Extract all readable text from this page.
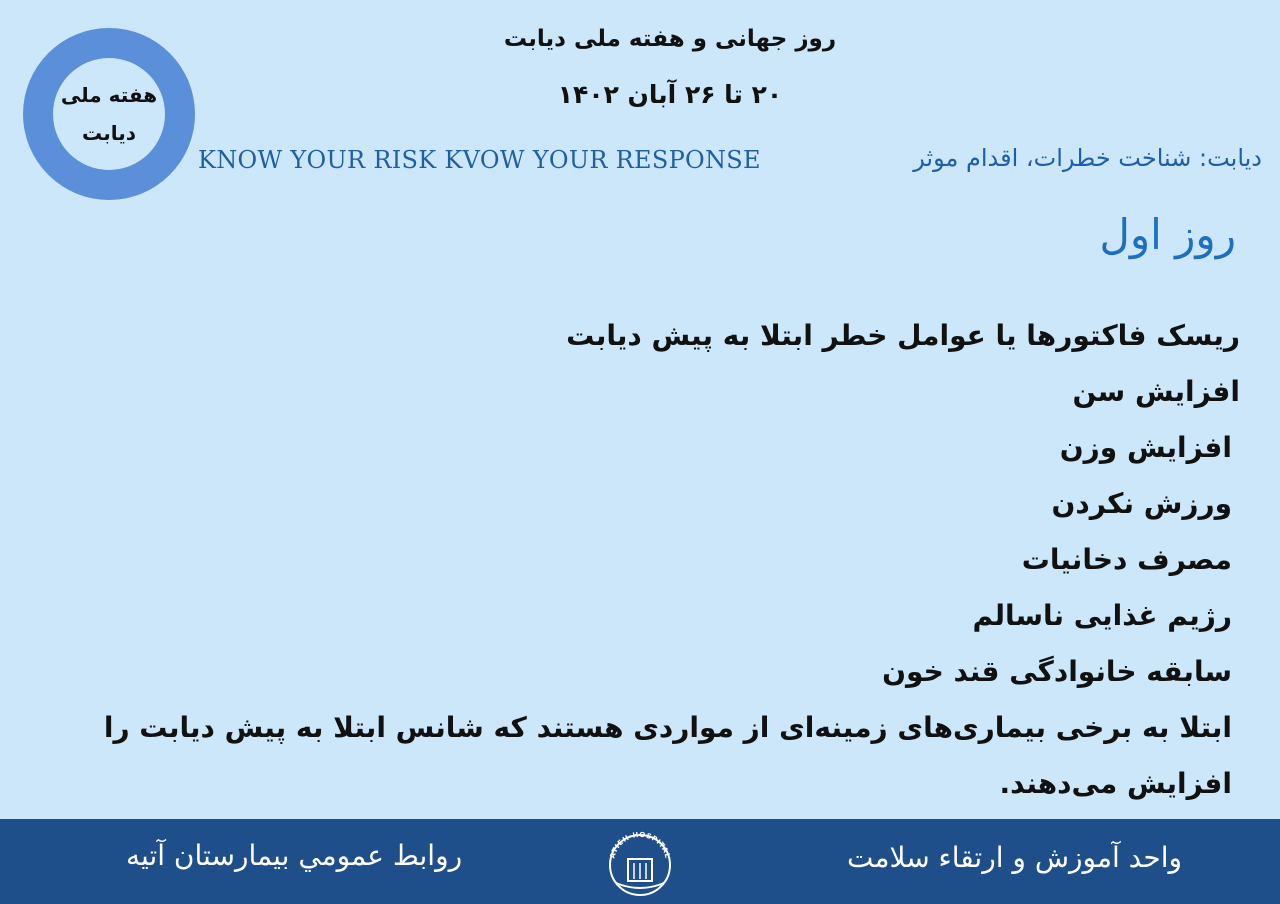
هفته ملی
دیابت
روز جهانی و هفته ملی دیابت
۲۰ تا ۲۶ آبان ۱۴۰۲
KNOW YOUR RISK KVOW YOUR RESPONSE	دیابت: شناخت خطرات، اقدام موثر
روز اول
ریسک فاکتورها یا عوامل خطر ابتلا به پیش دیابت
افزایش سن
افزایش وزن
ورزش نکردن
مصرف دخانیات
رژیم غذایی ناسالم
سابقه خانوادگی قند خون
ابتلا به برخی بیماری‌های زمینه‌ای از مواردی هستند که شانس ابتلا به پیش دیابت را افزایش می‌دهند.
روابط عمومي بيمارستان آتيه	ATIEH HOSPITAL	واحد آموزش و ارتقاء سلامت
